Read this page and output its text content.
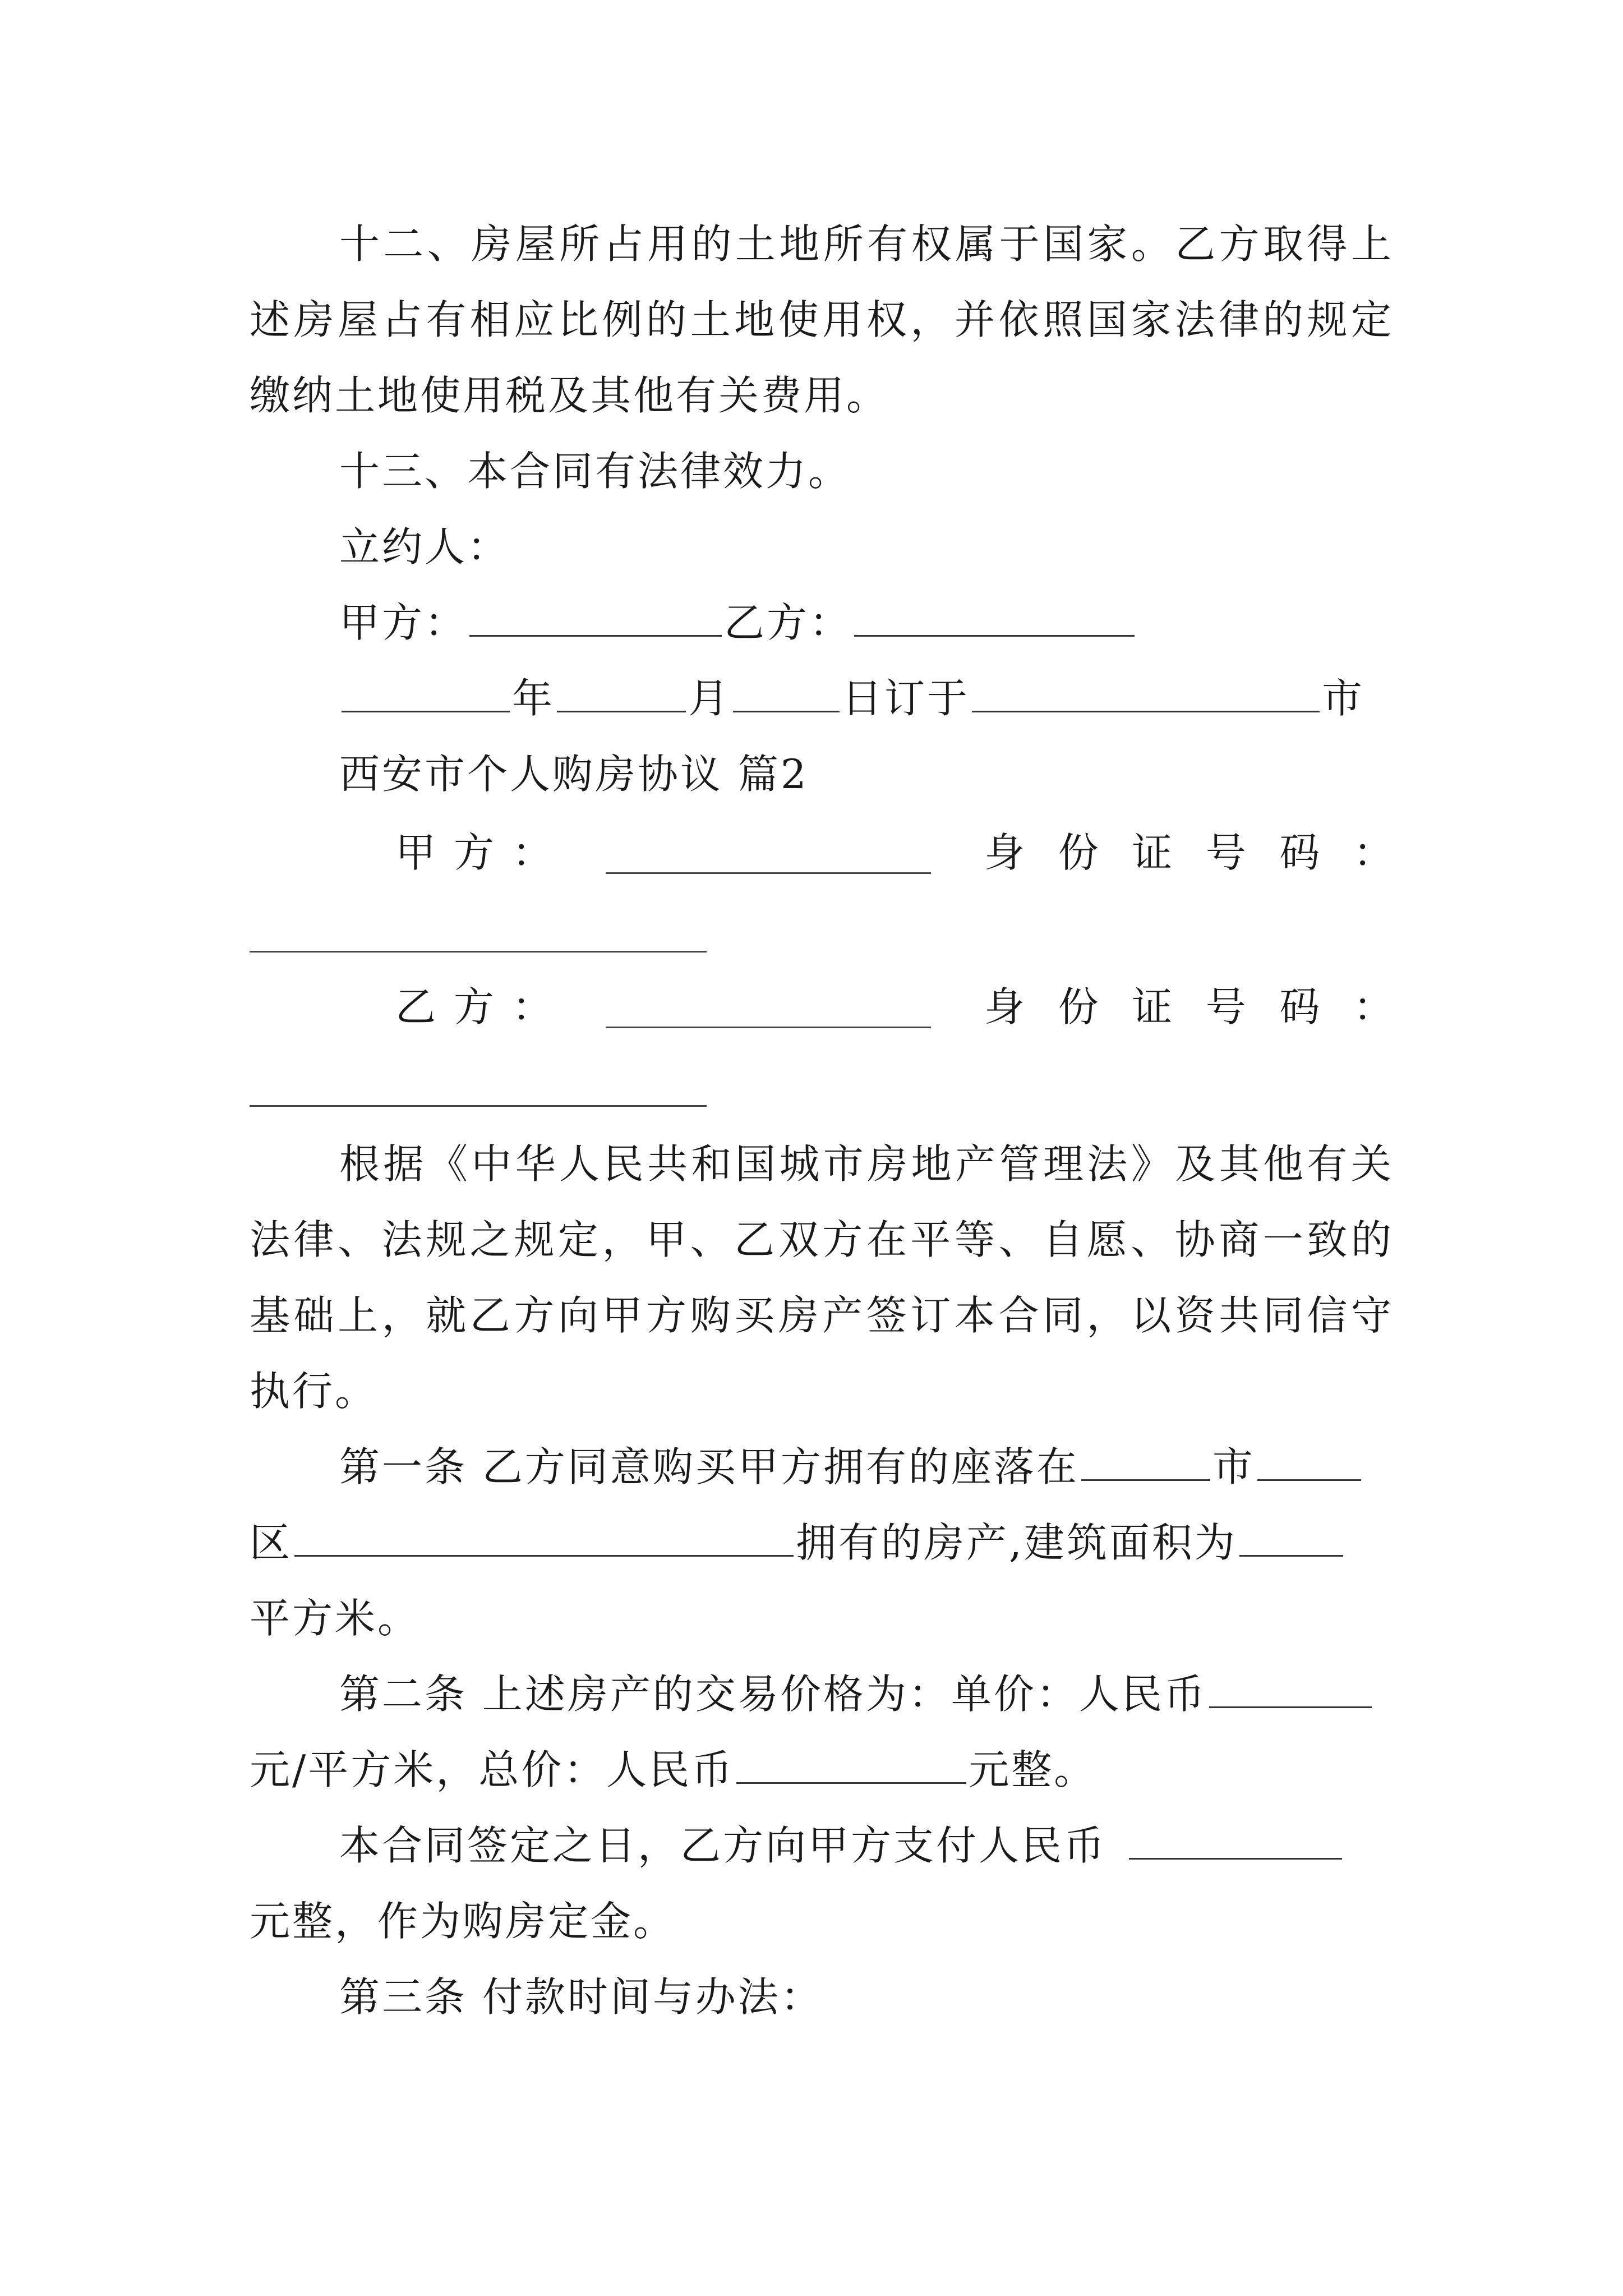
十二、房屋所占用的土地所有权属于国家。乙方取得上
述房屋占有相应比例的土地使用权，并依照国家法律的规定
缴纳土地使用税及其他有关费用。
十三、本合同有法律效力。
立约人：
甲方：	乙方：
年	月	日订于	市
西安市个人购房协议 篇2
甲 方 ：	身 份 证 号 码 ：
乙 方 ：	身 份 证 号 码 ：
根据《中华人民共和国城市房地产管理法》及其他有关
法律、法规之规定，甲、乙双方在平等、自愿、协商一致的
基础上，就乙方向甲方购买房产签订本合同，以资共同信守
执行。
第一条 乙方同意购买甲方拥有的座落在	市
区	拥有的房产,建筑面积为
平方米。
第二条 上述房产的交易价格为：单价：人民币
元/平方米，总价：人民币	元整。
本合同签定之日，乙方向甲方支付人民币
元整，作为购房定金。
第三条 付款时间与办法：
